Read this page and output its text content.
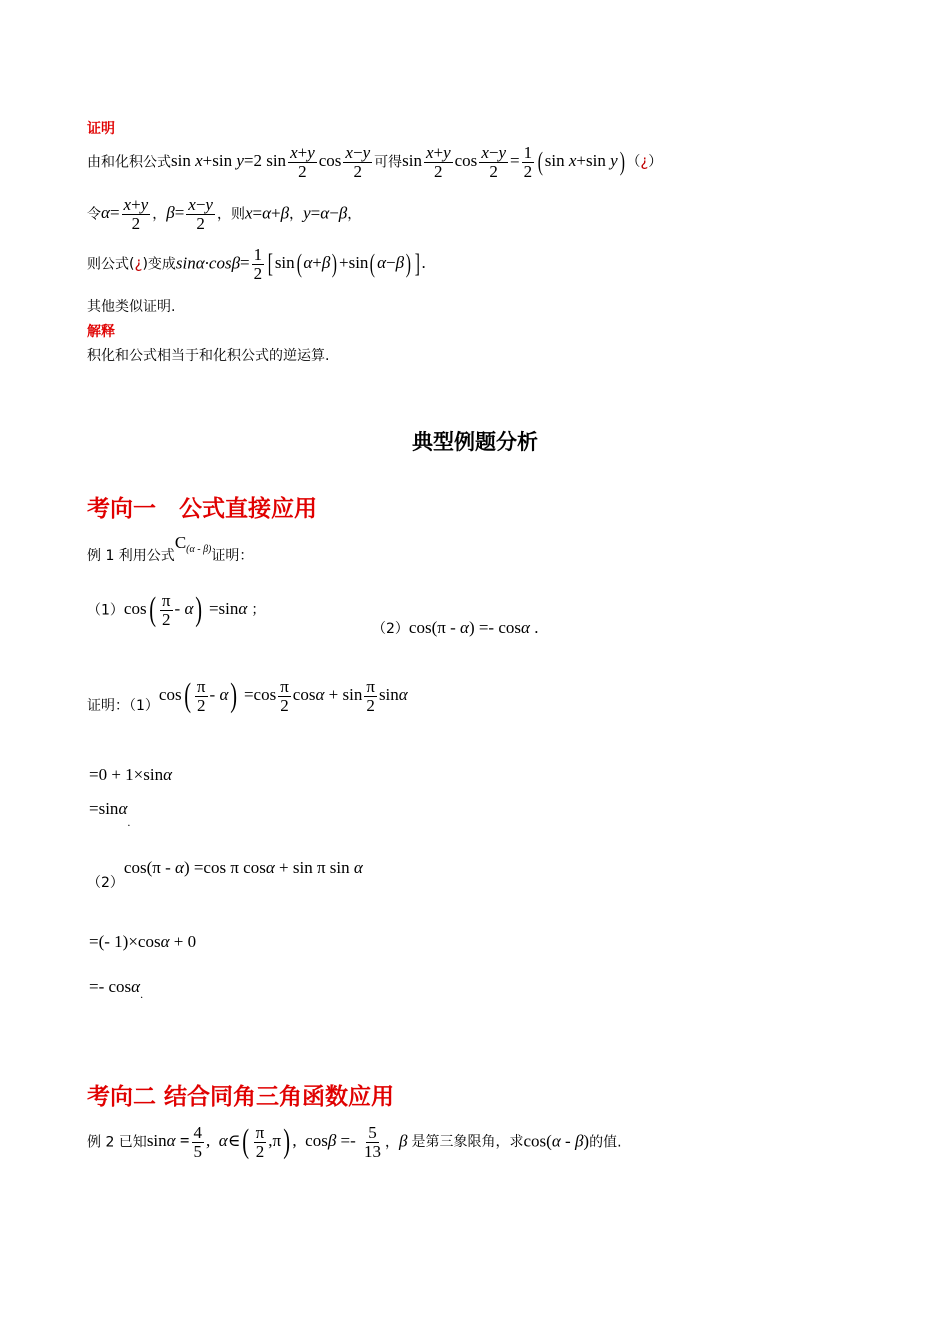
证明
由和化积公式sin x+sin y=2 $\sin \frac{x+y}{2}$ $\cos \frac{x-y}{2}$ 可得$\sin \frac{x+y}{2}$ $\cos \frac{x-y}{2} = \frac{1}{2}$ ( sin x+sin y) （¿）
令$\alpha= \frac{x+y}{2}$ ，$\beta= \frac{x-y}{2}$ ，则x=α+β，y=α−β，
则公式(¿)变成$\sin\alpha\cdot\cos\beta= \frac{1}{2}$ [ sin( α+β) +sin( α−β) ] .
其他类似证明.
解释
积化和公式相当于和化积公式的逆运算.
典型例题分析
考向一　公式直接应用
例 1 利用公式$C_{(\alpha - \beta)}$证明：
$(1)\cos( \frac{\pi}{2} - \alpha) =\sin\alpha$ ；
（2）cos(π - α) =- cosα .
证明：$(1)\cos( \frac{\pi}{2} - \alpha) =\cos \frac{\pi}{2}$ $\cos\alpha + \sin \frac{\pi}{2}$ sinα
=0 + 1×sinα
=sinα$_.$
（2）cos(π - α) =cos π cosα + sin π sin α
=(- 1)×cosα + 0
=- cosα$_.$
考向二 结合同角三角函数应用
例 2 已知$\sin\alpha = \frac{4}{5}$ ,  α∈( $\frac{\pi}{2} ,\pi$) ,  $\cos\beta =- \frac{5}{13}$ ，β 是第三象限角，求cos(α - β)的值.
